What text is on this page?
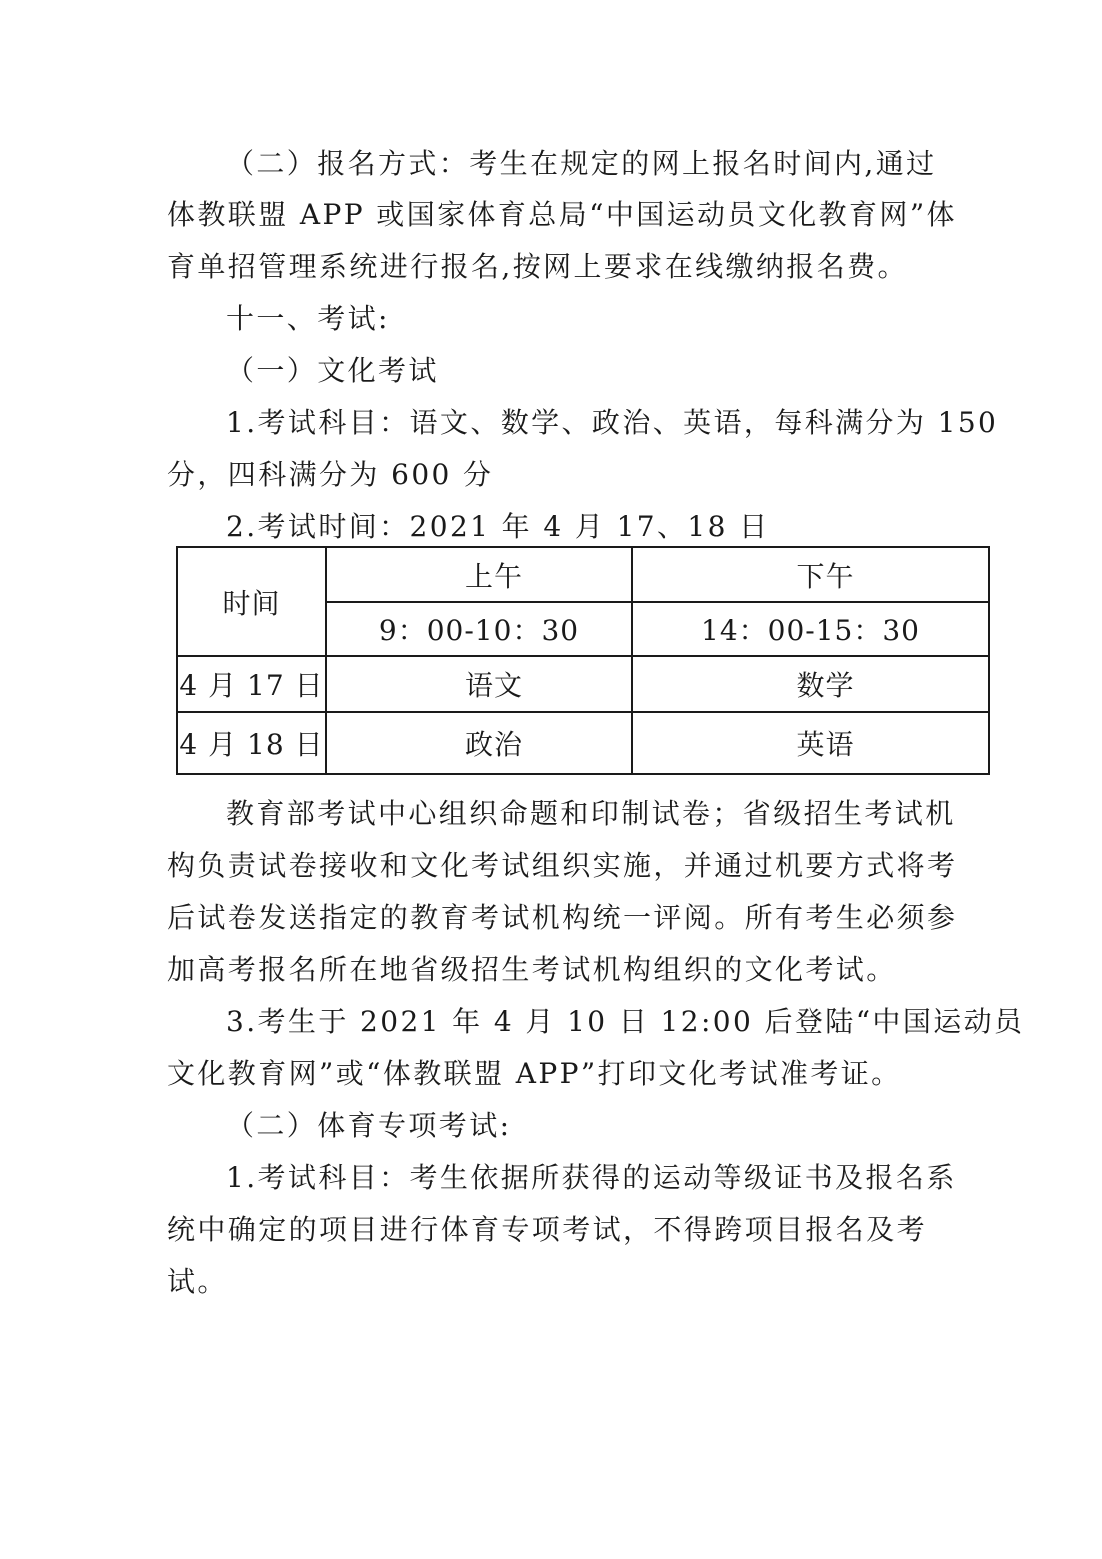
（二）报名方式：考生在规定的网上报名时间内,通过
体教联盟 APP 或国家体育总局“中国运动员文化教育网”体
育单招管理系统进行报名,按网上要求在线缴纳报名费。
十一、考试:
（一）文化考试
1.考试科目：语文、数学、政治、英语，每科满分为 150
分，四科满分为 600 分
2.考试时间：2021 年 4 月 17、18 日
时间	上午	下午
	9：00-10：30	14：00-15：30
4 月 17 日	语文	数学
4 月 18 日	政治	英语
教育部考试中心组织命题和印制试卷；省级招生考试机
构负责试卷接收和文化考试组织实施，并通过机要方式将考
后试卷发送指定的教育考试机构统一评阅。所有考生必须参
加高考报名所在地省级招生考试机构组织的文化考试。
3.考生于 2021 年 4 月 10 日 12:00 后登陆“中国运动员
文化教育网”或“体教联盟 APP”打印文化考试准考证。
（二）体育专项考试:
1.考试科目：考生依据所获得的运动等级证书及报名系
统中确定的项目进行体育专项考试，不得跨项目报名及考
试。
